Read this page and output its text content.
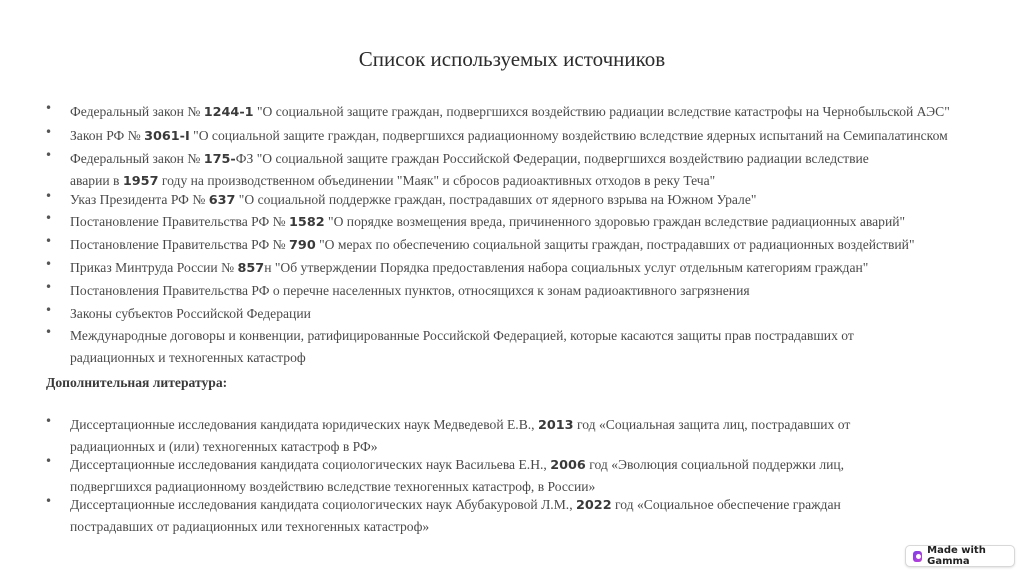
Список используемых источников
• Федеральный закон № 1244-1 "О социальной защите граждан, подвергшихся воздействию радиации вследствие катастрофы на Чернобыльской АЭС"
• Закон РФ № 3061-I "О социальной защите граждан, подвергшихся радиационному воздействию вследствие ядерных испытаний на Семипалатинском
• Федеральный закон № 175-ФЗ "О социальной защите граждан Российской Федерации, подвергшихся воздействию радиации вследствие
аварии в 1957 году на производственном объединении "Маяк" и сбросов радиоактивных отходов в реку Теча"
• Указ Президента РФ № 637 "О социальной поддержке граждан, пострадавших от ядерного взрыва на Южном Урале"
• Постановление Правительства РФ № 1582 "О порядке возмещения вреда, причиненного здоровью граждан вследствие радиационных аварий"
• Постановление Правительства РФ № 790 "О мерах по обеспечению социальной защиты граждан, пострадавших от радиационных воздействий"
• Приказ Минтруда России № 857н "Об утверждении Порядка предоставления набора социальных услуг отдельным категориям граждан"
• Постановления Правительства РФ о перечне населенных пунктов, относящихся к зонам радиоактивного загрязнения
• Законы субъектов Российской Федерации
• Международные договоры и конвенции, ратифицированные Российской Федерацией, которые касаются защиты прав пострадавших от
радиационных и техногенных катастроф
Дополнительная литература:
• Диссертационные исследования кандидата юридических наук Медведевой Е.В., 2013 год «Социальная защита лиц, пострадавших от
радиационных и (или) техногенных катастроф в РФ»
• Диссертационные исследования кандидата социологических наук Васильева Е.Н., 2006 год «Эволюция социальной поддержки лиц,
подвергшихся радиационному воздействию вследствие техногенных катастроф, в России»
• Диссертационные исследования кандидата социологических наук Абубакуровой Л.М., 2022 год «Социальное обеспечение граждан
пострадавших от радиационных или техногенных катастроф»
Made with Gamma
